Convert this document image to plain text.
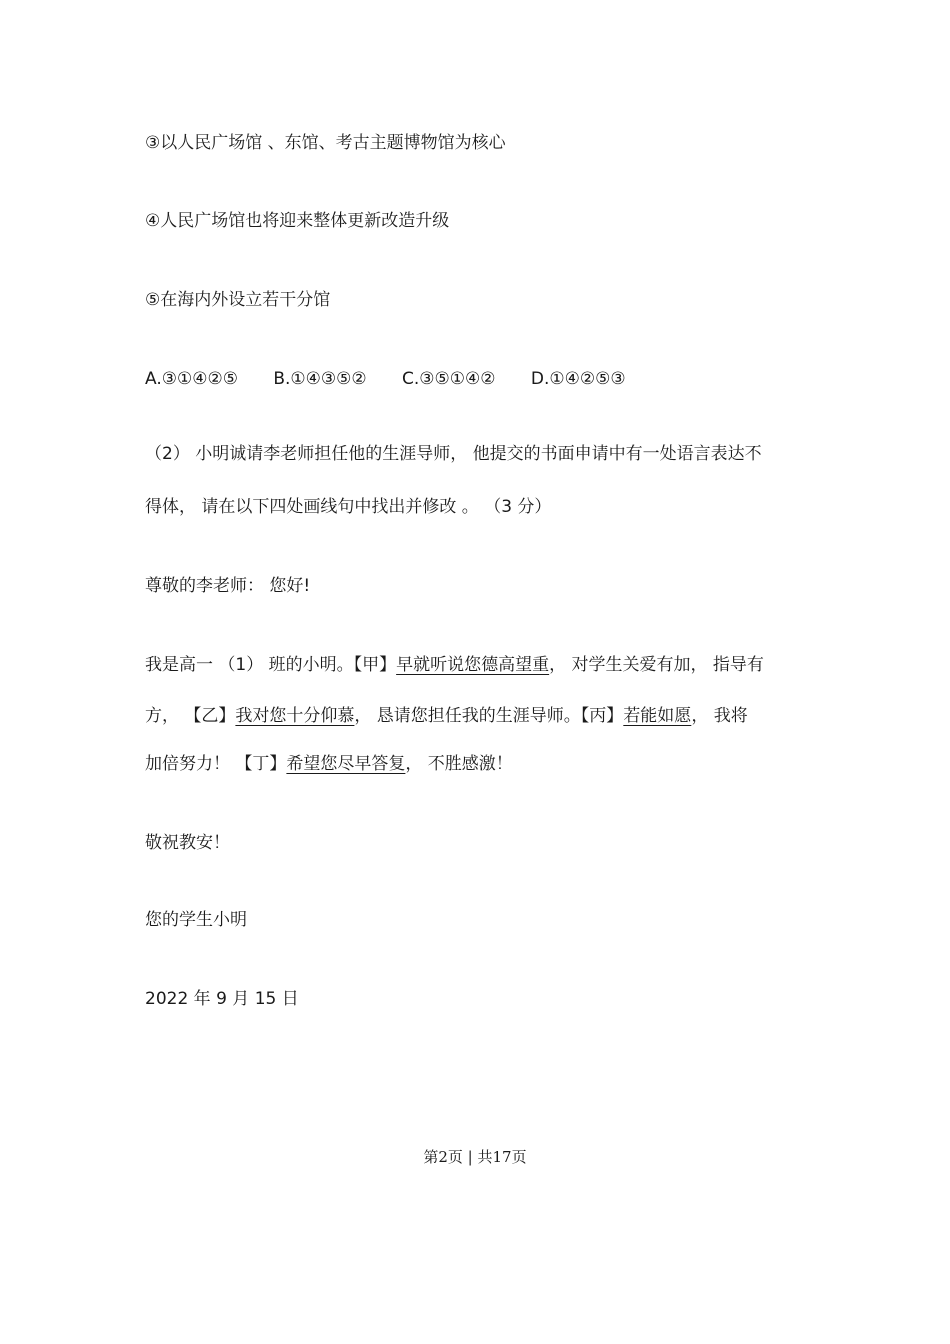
③以人民广场馆 、东馆、考古主题博物馆为核心
④人民广场馆也将迎来整体更新改造升级
⑤在海内外设立若干分馆
A.③①④②⑤ B.①④③⑤② C.③⑤①④② D.①④②⑤③
（2） 小明诚请李老师担任他的生涯导师， 他提交的书面申请中有一处语言表达不
得体， 请在以下四处画线句中找出并修改 。 （3 分）
尊敬的李老师： 您好!
我是高一 （1） 班的小明。【甲】早就听说您德高望重， 对学生关爱有加， 指导有
方， 【乙】我对您十分仰慕， 恳请您担任我的生涯导师。【丙】若能如愿， 我将
加倍努力！ 【丁】希望您尽早答复， 不胜感激！
敬祝教安！
您的学生小明
2022 年 9 月 15 日
第2页 | 共17页
